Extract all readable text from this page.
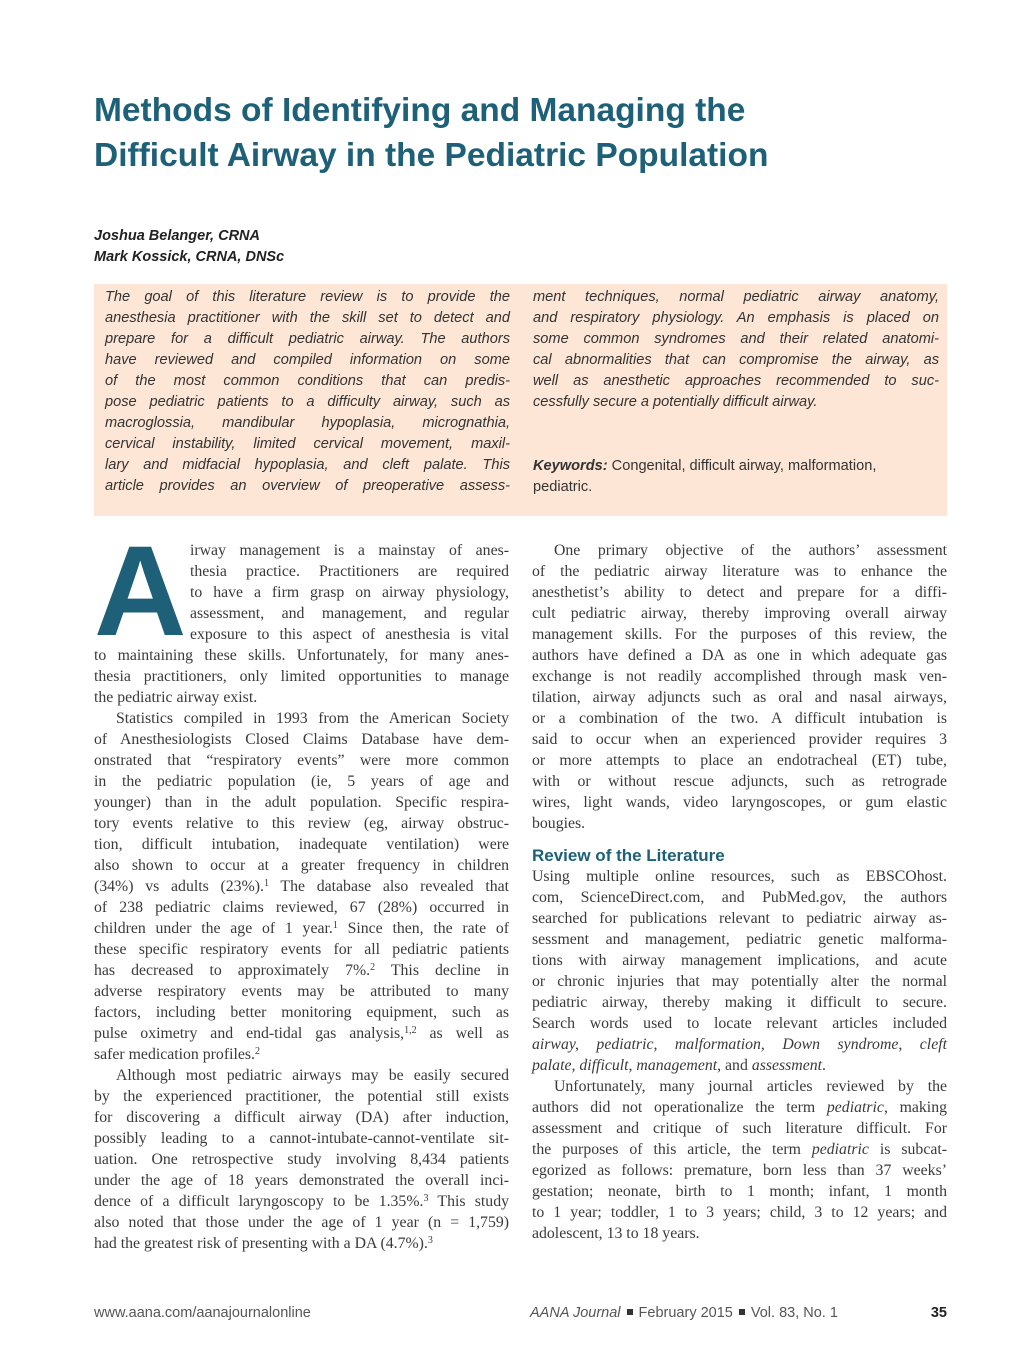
Methods of Identifying and Managing the
Difficult Airway in the Pediatric Population
Joshua Belanger, CRNA
Mark Kossick, CRNA, DNSc
The goal of this literature review is to provide the
anesthesia practitioner with the skill set to detect and
prepare for a difficult pediatric airway. The authors
have reviewed and compiled information on some
of the most common conditions that can predis-
pose pediatric patients to a difficulty airway, such as
macroglossia, mandibular hypoplasia, micrognathia,
cervical instability, limited cervical movement, maxil-
lary and midfacial hypoplasia, and cleft palate. This
article provides an overview of preoperative assess-
ment techniques, normal pediatric airway anatomy,
and respiratory physiology. An emphasis is placed on
some common syndromes and their related anatomi-
cal abnormalities that can compromise the airway, as
well as anesthetic approaches recommended to suc-
cessfully secure a potentially difficult airway.
Keywords: Congenital, difficult airway, malformation,
pediatric.
A irway management is a mainstay of anes-
thesia practice. Practitioners are required
to have a firm grasp on airway physiology,
assessment, and management, and regular
exposure to this aspect of anesthesia is vital
to maintaining these skills. Unfortunately, for many anes-
thesia practitioners, only limited opportunities to manage
the pediatric airway exist.
Statistics compiled in 1993 from the American Society
of Anesthesiologists Closed Claims Database have dem-
onstrated that “respiratory events” were more common
in the pediatric population (ie, 5 years of age and
younger) than in the adult population. Specific respira-
tory events relative to this review (eg, airway obstruc-
tion, difficult intubation, inadequate ventilation) were
also shown to occur at a greater frequency in children
(34%) vs adults (23%).$^1$ The database also revealed that
of 238 pediatric claims reviewed, 67 (28%) occurred in
children under the age of 1 year.$^1$ Since then, the rate of
these specific respiratory events for all pediatric patients
has decreased to approximately 7%.$^2$ This decline in
adverse respiratory events may be attributed to many
factors, including better monitoring equipment, such as
pulse oximetry and end-tidal gas analysis,$^{1,2}$ as well as
safer medication profiles.$^2$
Although most pediatric airways may be easily secured
by the experienced practitioner, the potential still exists
for discovering a difficult airway (DA) after induction,
possibly leading to a cannot-intubate-cannot-ventilate sit-
uation. One retrospective study involving 8,434 patients
under the age of 18 years demonstrated the overall inci-
dence of a difficult laryngoscopy to be 1.35%.$^3$ This study
also noted that those under the age of 1 year (n = 1,759)
had the greatest risk of presenting with a DA (4.7%).$^3$
One primary objective of the authors’ assessment
of the pediatric airway literature was to enhance the
anesthetist’s ability to detect and prepare for a diffi-
cult pediatric airway, thereby improving overall airway
management skills. For the purposes of this review, the
authors have defined a DA as one in which adequate gas
exchange is not readily accomplished through mask ven-
tilation, airway adjuncts such as oral and nasal airways,
or a combination of the two. A difficult intubation is
said to occur when an experienced provider requires 3
or more attempts to place an endotracheal (ET) tube,
with or without rescue adjuncts, such as retrograde
wires, light wands, video laryngoscopes, or gum elastic
bougies.
Review of the Literature
Using multiple online resources, such as EBSCOhost.
com, ScienceDirect.com, and PubMed.gov, the authors
searched for publications relevant to pediatric airway as-
sessment and management, pediatric genetic malforma-
tions with airway management implications, and acute
or chronic injuries that may potentially alter the normal
pediatric airway, thereby making it difficult to secure.
Search words used to locate relevant articles included
airway, pediatric, malformation, Down syndrome, cleft
palate, difficult, management, and assessment.
Unfortunately, many journal articles reviewed by the
authors did not operationalize the term pediatric, making
assessment and critique of such literature difficult. For
the purposes of this article, the term pediatric is subcat-
egorized as follows: premature, born less than 37 weeks’
gestation; neonate, birth to 1 month; infant, 1 month
to 1 year; toddler, 1 to 3 years; child, 3 to 12 years; and
adolescent, 13 to 18 years.
www.aana.com/aanajournalonline	AANA Journal February 2015 Vol. 83, No. 1	35
